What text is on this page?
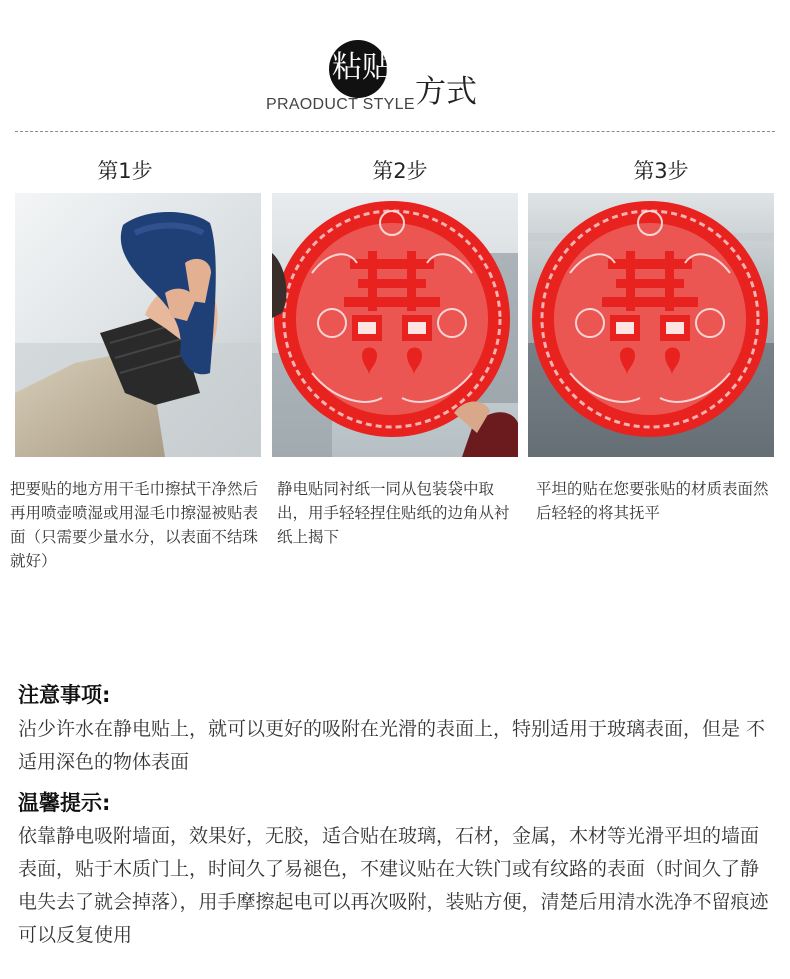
粘贴
方式
PRAODUCT STYLE
第1步	第2步	第3步
把要贴的地方用干毛巾擦拭干净然后再用喷壶喷湿或用湿毛巾擦湿被贴表面（只需要少量水分，以表面不结珠就好）
静电贴同衬纸一同从包装袋中取出，用手轻轻捏住贴纸的边角从衬纸上揭下
平坦的贴在您要张贴的材质表面然后轻轻的将其抚平
注意事项:
沾少许水在静电贴上，就可以更好的吸附在光滑的表面上，特别适用于玻璃表面，但是 不适用深色的物体表面
温馨提示:
依靠静电吸附墙面，效果好，无胶，适合贴在玻璃，石材，金属，木材等光滑平坦的墙面表面，贴于木质门上，时间久了易褪色，不建议贴在大铁门或有纹路的表面（时间久了静电失去了就会掉落），用手摩擦起电可以再次吸附，装贴方便，清楚后用清水洗净不留痕迹可以反复使用
